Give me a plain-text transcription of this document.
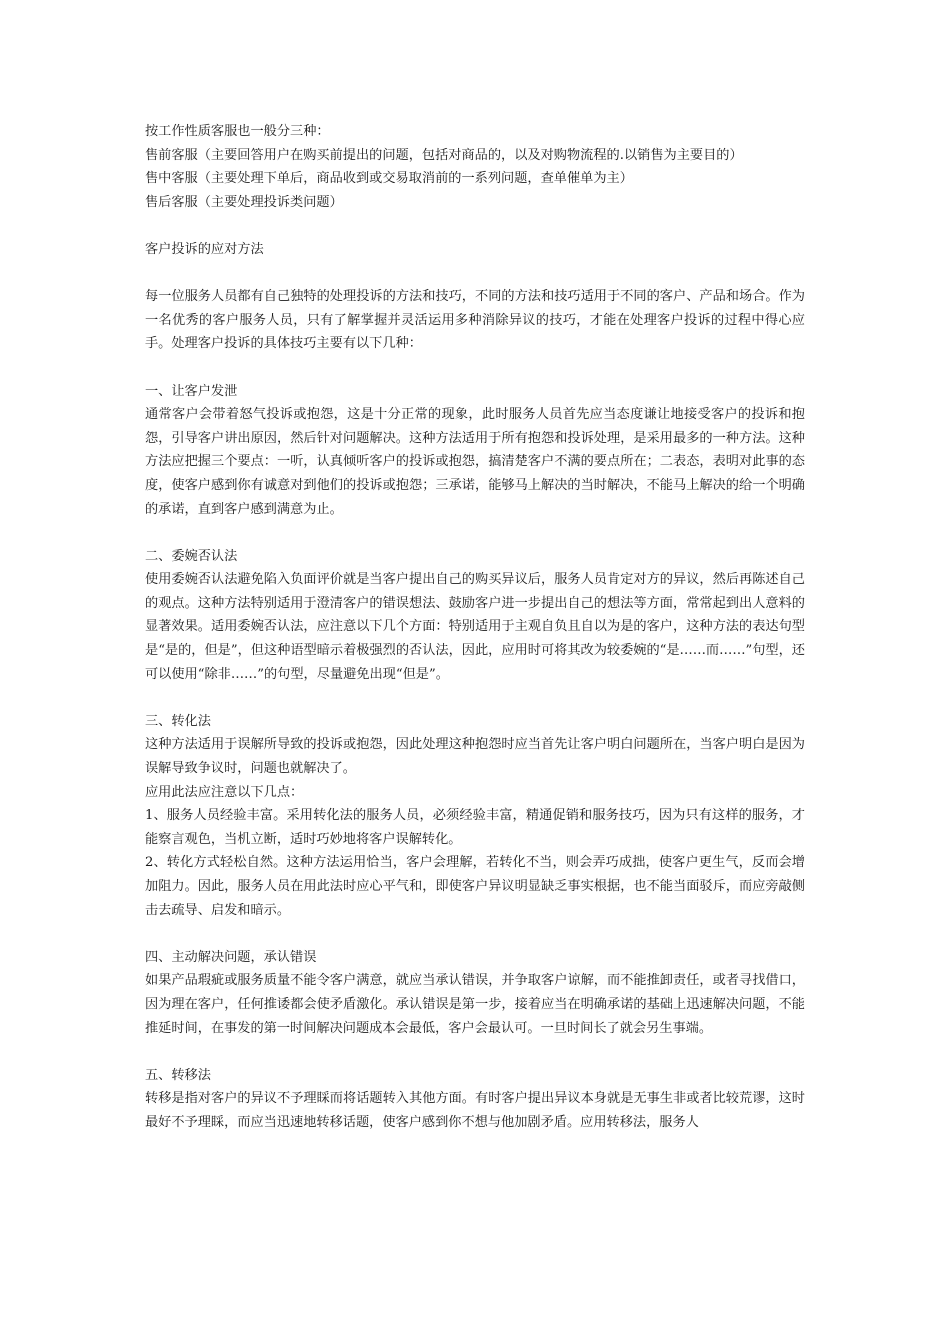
按工作性质客服也一般分三种：
售前客服（主要回答用户在购买前提出的问题，包括对商品的，以及对购物流程的.以销售为主要目的）
售中客服（主要处理下单后，商品收到或交易取消前的一系列问题，查单催单为主）
售后客服（主要处理投诉类问题）
客户投诉的应对方法

每一位服务人员都有自己独特的处理投诉的方法和技巧，不同的方法和技巧适用于不同的客户、产品和场合。作为一名优秀的客户服务人员，只有了解掌握并灵活运用多种消除异议的技巧，才能在处理客户投诉的过程中得心应手。处理客户投诉的具体技巧主要有以下几种：

一、让客户发泄

通常客户会带着怒气投诉或抱怨，这是十分正常的现象，此时服务人员首先应当态度谦让地接受客户的投诉和抱怨，引导客户讲出原因，然后针对问题解决。这种方法适用于所有抱怨和投诉处理，是采用最多的一种方法。这种方法应把握三个要点：一听，认真倾听客户的投诉或抱怨，搞清楚客户不满的要点所在；二表态，表明对此事的态度，使客户感到你有诚意对到他们的投诉或抱怨；三承诺，能够马上解决的当时解决，不能马上解决的给一个明确的承诺，直到客户感到满意为止。

二、委婉否认法

使用委婉否认法避免陷入负面评价就是当客户提出自己的购买异议后，服务人员肯定对方的异议，然后再陈述自己的观点。这种方法特别适用于澄清客户的错误想法、鼓励客户进一步提出自己的想法等方面，常常起到出人意料的显著效果。适用委婉否认法，应注意以下几个方面：特别适用于主观自负且自以为是的客户，这种方法的表达句型是“是的，但是”，但这种语型暗示着极强烈的否认法，因此，应用时可将其改为较委婉的“是……而……”句型，还可以使用“除非……”的句型，尽量避免出现“但是”。

三、转化法

这种方法适用于误解所导致的投诉或抱怨，因此处理这种抱怨时应当首先让客户明白问题所在，当客户明白是因为误解导致争议时，问题也就解决了。

应用此法应注意以下几点：

1、服务人员经验丰富。采用转化法的服务人员，必须经验丰富，精通促销和服务技巧，因为只有这样的服务，才能察言观色，当机立断，适时巧妙地将客户误解转化。

2、转化方式轻松自然。这种方法运用恰当，客户会理解，若转化不当，则会弄巧成拙，使客户更生气，反而会增加阻力。因此，服务人员在用此法时应心平气和，即使客户异议明显缺乏事实根据，也不能当面驳斥，而应旁敲侧击去疏导、启发和暗示。

四、主动解决问题，承认错误

如果产品瑕疵或服务质量不能令客户满意，就应当承认错误，并争取客户谅解，而不能推卸责任，或者寻找借口，因为理在客户，任何推诿都会使矛盾激化。承认错误是第一步，接着应当在明确承诺的基础上迅速解决问题，不能推延时间，在事发的第一时间解决问题成本会最低，客户会最认可。一旦时间长了就会另生事端。

五、转移法

转移是指对客户的异议不予理睬而将话题转入其他方面。有时客户提出异议本身就是无事生非或者比较荒谬，这时最好不予理睬，而应当迅速地转移话题，使客户感到你不想与他加剧矛盾。应用转移法，服务人
